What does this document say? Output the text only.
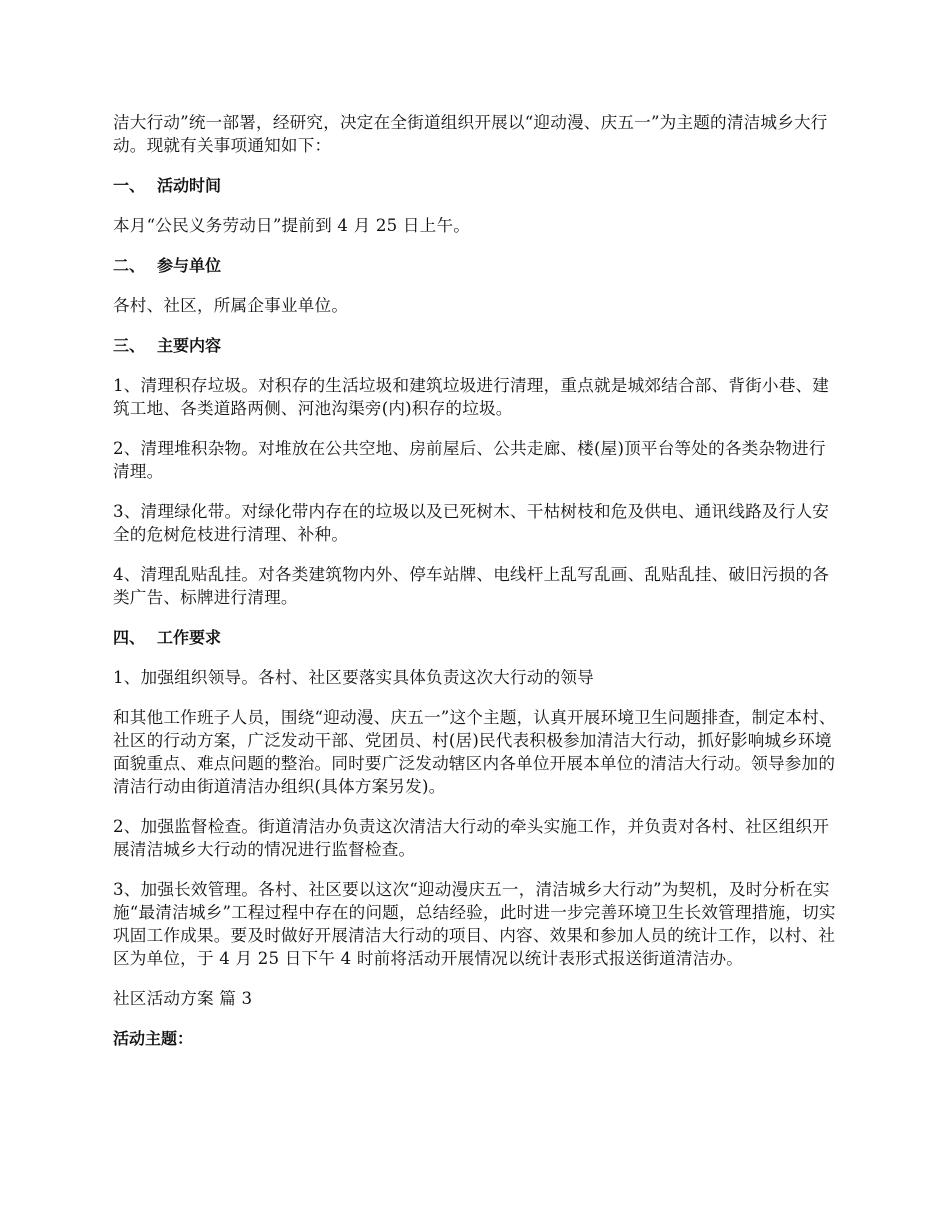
洁大行动”统一部署，经研究，决定在全街道组织开展以“迎动漫、庆五一”为主题的清洁城乡大行动。现就有关事项通知如下：

一、 活动时间

本月“公民义务劳动日”提前到 4 月 25 日上午。

二、 参与单位

各村、社区，所属企事业单位。

三、 主要内容

1、清理积存垃圾。对积存的生活垃圾和建筑垃圾进行清理，重点就是城郊结合部、背街小巷、建筑工地、各类道路两侧、河池沟渠旁(内)积存的垃圾。

2、清理堆积杂物。对堆放在公共空地、房前屋后、公共走廊、楼(屋)顶平台等处的各类杂物进行清理。

3、清理绿化带。对绿化带内存在的垃圾以及已死树木、干枯树枝和危及供电、通讯线路及行人安全的危树危枝进行清理、补种。

4、清理乱贴乱挂。对各类建筑物内外、停车站牌、电线杆上乱写乱画、乱贴乱挂、破旧污损的各类广告、标牌进行清理。

四、 工作要求

1、加强组织领导。各村、社区要落实具体负责这次大行动的领导

和其他工作班子人员，围绕“迎动漫、庆五一”这个主题，认真开展环境卫生问题排查，制定本村、社区的行动方案，广泛发动干部、党团员、村(居)民代表积极参加清洁大行动，抓好影响城乡环境面貌重点、难点问题的整治。同时要广泛发动辖区内各单位开展本单位的清洁大行动。领导参加的清洁行动由街道清洁办组织(具体方案另发)。

2、加强监督检查。街道清洁办负责这次清洁大行动的牵头实施工作，并负责对各村、社区组织开展清洁城乡大行动的情况进行监督检查。

3、加强长效管理。各村、社区要以这次“迎动漫庆五一，清洁城乡大行动”为契机，及时分析在实施“最清洁城乡”工程过程中存在的问题，总结经验，此时进一步完善环境卫生长效管理措施，切实巩固工作成果。要及时做好开展清洁大行动的项目、内容、效果和参加人员的统计工作，以村、社区为单位，于 4 月 25 日下午 4 时前将活动开展情况以统计表形式报送街道清洁办。

社区活动方案 篇 3

活动主题：
